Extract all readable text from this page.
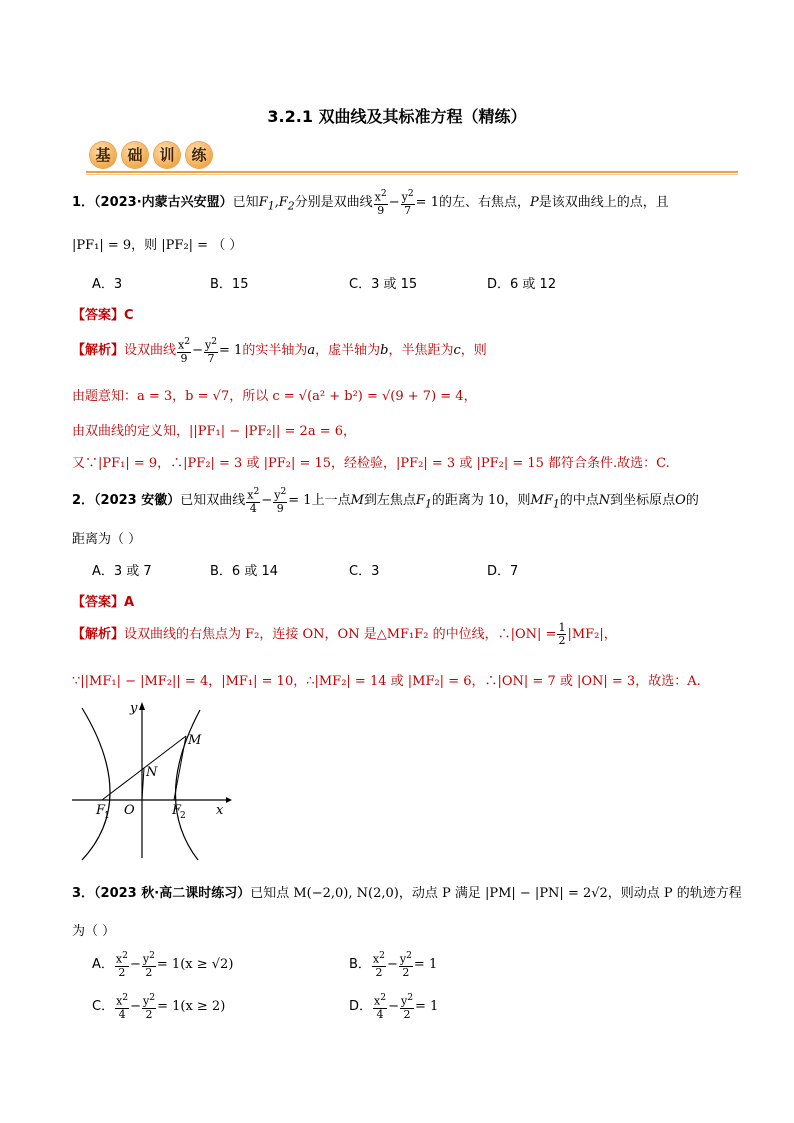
3.2.1 双曲线及其标准方程（精练）
基	础	训	练
1．（2023·内蒙古兴安盟）已知$F_1,F_2$分别是双曲线 $\frac{x^2}{9} - \frac{y^2}{7} = 1$的左、右焦点，P是该双曲线上的点，且
|PF₁| = 9，则 |PF₂| = （ ）
A．3	B．15	C．3 或 15	D．6 或 12
【答案】C
【解析】设双曲线 $\frac{x^2}{9} - \frac{y^2}{7} = 1$的实半轴为a，虚半轴为b，半焦距为c，则
由题意知：a = 3，b = √7，所以 c = √(a² + b²) = √(9 + 7) = 4，
由双曲线的定义知，||PF₁| − |PF₂|| = 2a = 6，
又∵|PF₁| = 9，∴|PF₂| = 3 或 |PF₂| = 15，经检验，|PF₂| = 3 或 |PF₂| = 15 都符合条件.故选：C.
2．（2023 安徽）已知双曲线 $\frac{x^2}{4} - \frac{y^2}{9} = 1$上一点M到左焦点$F_1$的距离为 10，则$MF_1$的中点N到坐标原点O的
距离为（ ）
A．3 或 7	B．6 或 14	C．3	D．7
【答案】A
【解析】设双曲线的右焦点为 F₂，连接 ON，ON 是△MF₁F₂ 的中位线，∴|ON| = $\frac{1}{2} |MF_2|$，
∵||MF₁| − |MF₂|| = 4，|MF₁| = 10，∴|MF₂| = 14 或 |MF₂| = 6，∴|ON| = 7 或 |ON| = 3，故选：A.
M
N
O
F
1	F
2 x
y
3．（2023 秋·高二课时练习）已知点 M(−2,0), N(2,0)，动点 P 满足 |PM| − |PN| = 2√2，则动点 P 的轨迹方程
为（ ）
A． $\frac{x^2}{2} - \frac{y^2}{2} = 1(x \ge √2)$	B． $\frac{x^2}{2} - \frac{y^2}{2} = 1$
C． $\frac{x^2}{4} - \frac{y^2}{2} = 1(x \ge 2)$	D． $\frac{x^2}{4} - \frac{y^2}{2} = 1$
